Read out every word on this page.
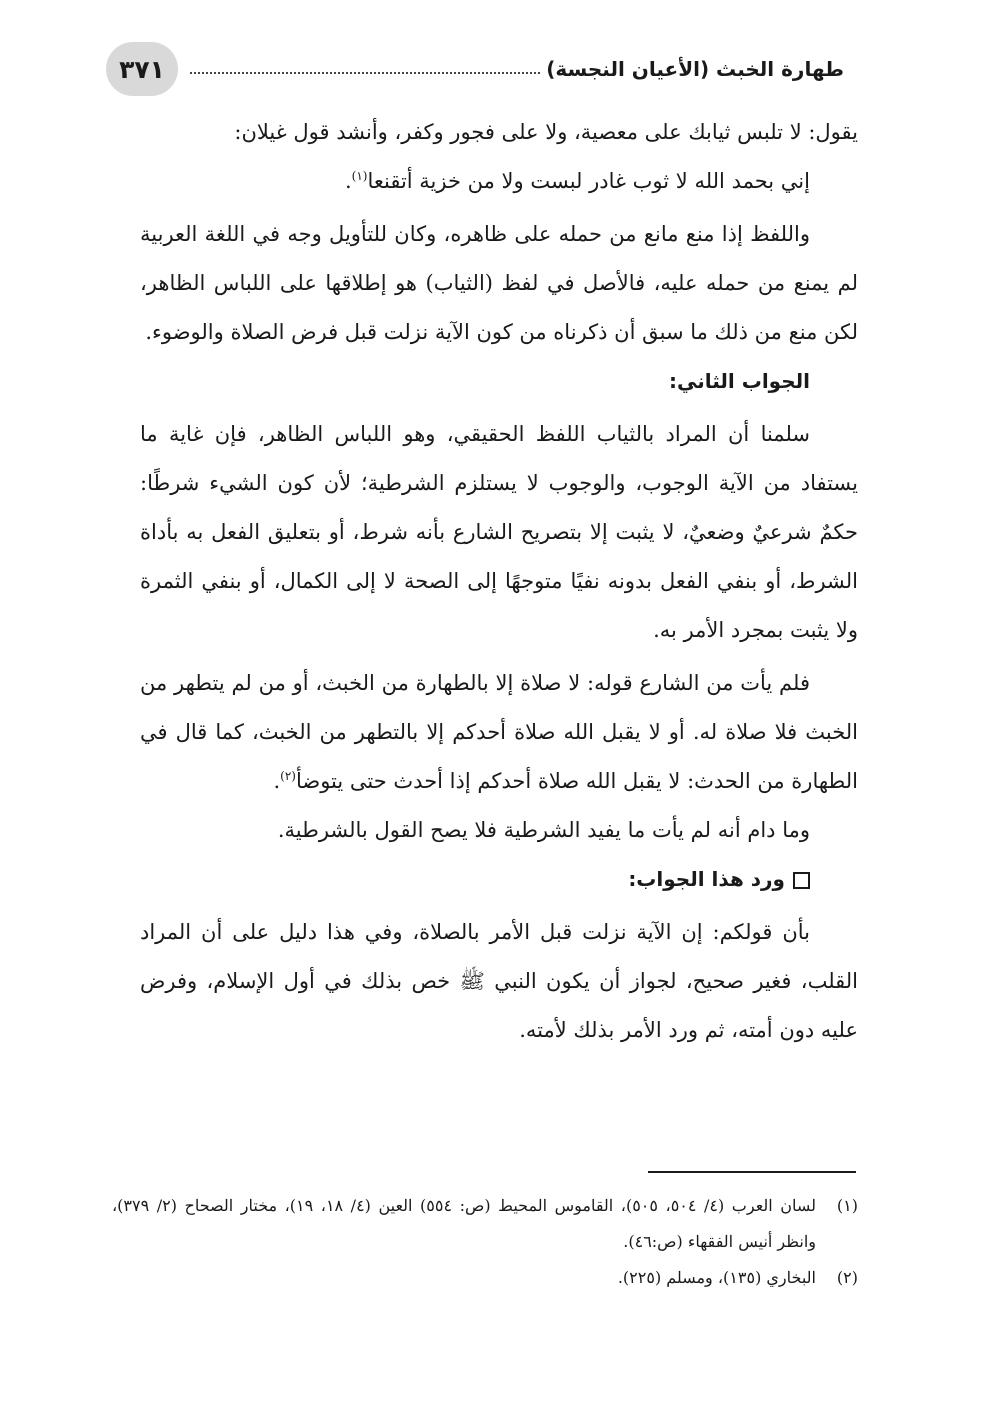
٣٧١	طهارة الخبث (الأعيان النجسة)

يقول: لا تلبس ثيابك على معصية، ولا على فجور وكفر، وأنشد قول غيلان:

إني بحمد الله لا ثوب غادر لبست ولا من خزية أتقنعا$^{(١)}$.

واللفظ إذا منع مانع من حمله على ظاهره، وكان للتأويل وجه في اللغة العربية لم يمنع من حمله عليه، فالأصل في لفظ (الثياب) هو إطلاقها على اللباس الظاهر، لكن منع من ذلك ما سبق أن ذكرناه من كون الآية نزلت قبل فرض الصلاة والوضوء.

الجواب الثاني:

سلمنا أن المراد بالثياب اللفظ الحقيقي، وهو اللباس الظاهر، فإن غاية ما يستفاد من الآية الوجوب، والوجوب لا يستلزم الشرطية؛ لأن كون الشيء شرطًا: حكمٌ شرعيٌ وضعيٌ، لا يثبت إلا بتصريح الشارع بأنه شرط، أو بتعليق الفعل به بأداة الشرط، أو بنفي الفعل بدونه نفيًا متوجهًا إلى الصحة لا إلى الكمال، أو بنفي الثمرة ولا يثبت بمجرد الأمر به.

فلم يأت من الشارع قوله: لا صلاة إلا بالطهارة من الخبث، أو من لم يتطهر من الخبث فلا صلاة له. أو لا يقبل الله صلاة أحدكم إلا بالتطهر من الخبث، كما قال في الطهارة من الحدث: لا يقبل الله صلاة أحدكم إذا أحدث حتى يتوضأ$^{(٢)}$.

وما دام أنه لم يأت ما يفيد الشرطية فلا يصح القول بالشرطية.

ورد هذا الجواب:

بأن قولكم: إن الآية نزلت قبل الأمر بالصلاة، وفي هذا دليل على أن المراد القلب، فغير صحيح، لجواز أن يكون النبي ﷺ خص بذلك في أول الإسلام، وفرض عليه دون أمته، ثم ورد الأمر بذلك لأمته.

(١)
لسان العرب (٤/ ٥٠٤، ٥٠٥)، القاموس المحيط (ص: ٥٥٤) العين (٤/ ١٨، ١٩)، مختار الصحاح (٢/ ٣٧٩)، وانظر أنيس الفقهاء (ص:٤٦).
(٢)
البخاري (١٣٥)، ومسلم (٢٢٥).
